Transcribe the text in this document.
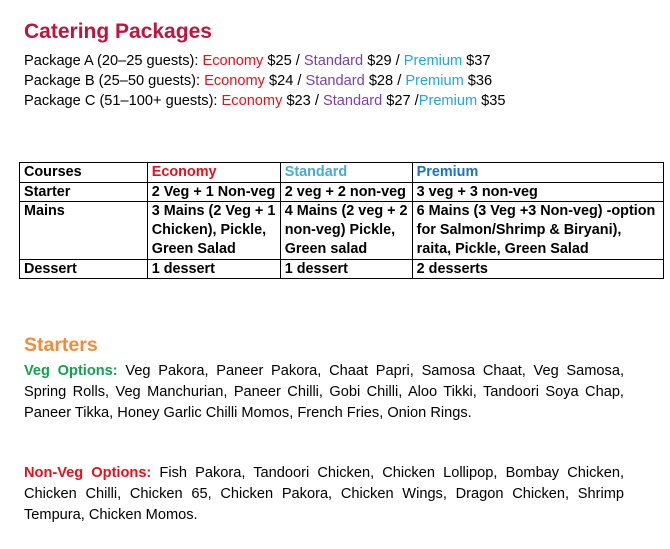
Catering Packages
Package A (20–25 guests): Economy $25 / Standard $29 / Premium $37
Package B (25–50 guests): Economy $24 / Standard $28 / Premium $36
Package C (51–100+ guests): Economy $23 / Standard $27 /Premium $35
Courses	Economy	Standard	Premium
Starter	2 Veg + 1 Non-veg	2 veg + 2 non-veg	3 veg + 3 non-veg
Mains	3 Mains (2 Veg + 1 Chicken), Pickle, Green Salad	4 Mains (2 veg + 2 non-veg) Pickle, Green salad	6 Mains (3 Veg +3 Non-veg) -option for Salmon/Shrimp & Biryani), raita, Pickle, Green Salad
Dessert	1 dessert	1 dessert	2 desserts
Starters

Veg Options: Veg Pakora, Paneer Pakora, Chaat Papri, Samosa Chaat, Veg Samosa, Spring Rolls, Veg Manchurian, Paneer Chilli, Gobi Chilli, Aloo Tikki, Tandoori Soya Chap, Paneer Tikka, Honey Garlic Chilli Momos, French Fries, Onion Rings.

Non-Veg Options: Fish Pakora, Tandoori Chicken, Chicken Lollipop, Bombay Chicken, Chicken Chilli, Chicken 65, Chicken Pakora, Chicken Wings, Dragon Chicken, Shrimp Tempura, Chicken Momos.
